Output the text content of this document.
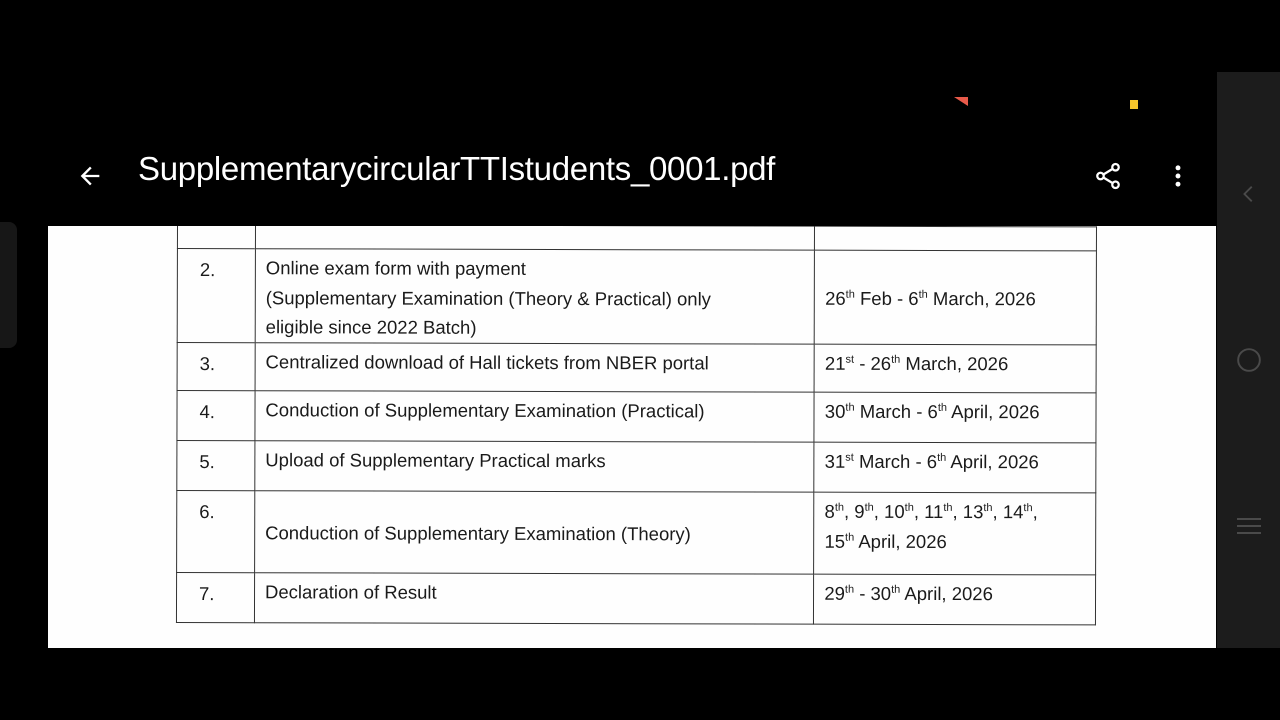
SupplementarycircularTTIstudents_0001.pdf

2.	Online exam form with payment
(Supplementary Examination (Theory & Practical) only
eligible since 2022 Batch)	26th Feb - 6th March, 2026

3.	Centralized download of Hall tickets from NBER portal	21st - 26th March, 2026

4.	Conduction of Supplementary Examination (Practical)	30th March - 6th April, 2026

5.	Upload of Supplementary Practical marks	31st March - 6th April, 2026

6.	Conduction of Supplementary Examination (Theory)	8th, 9th, 10th, 11th, 13th, 14th,
15th April, 2026

7.	Declaration of Result	29th - 30th April, 2026
